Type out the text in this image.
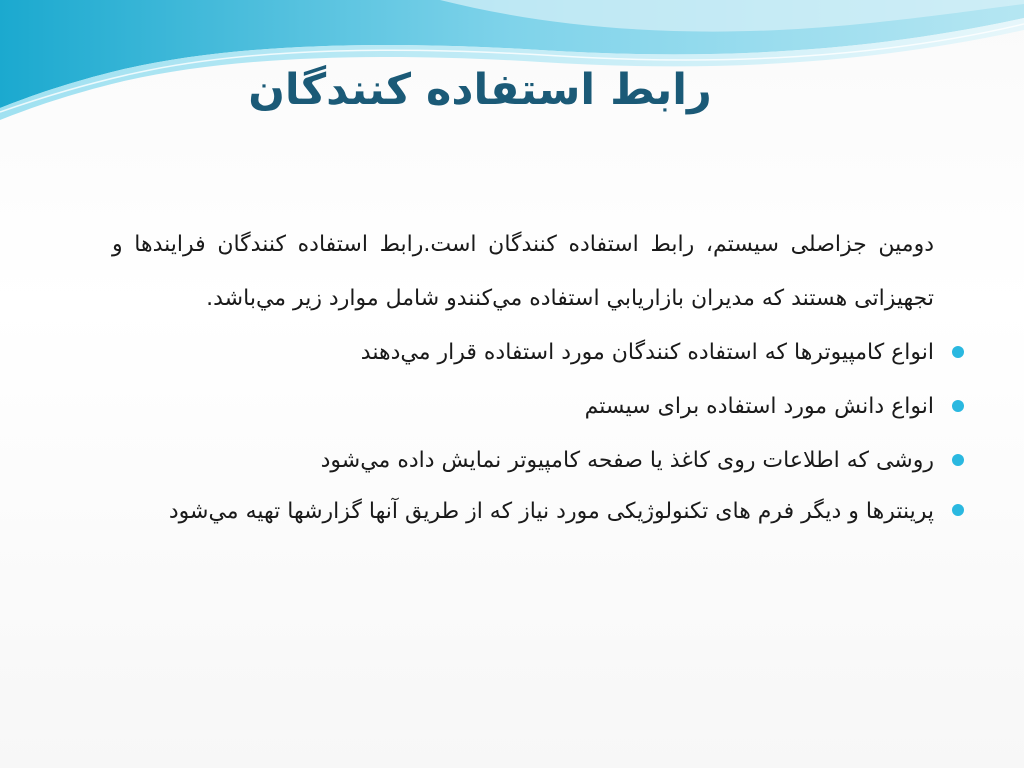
رابط استفاده کنندگان

دومين جزاصلی سيستم، رابط استفاده کنندگان است.رابط استفاده کنندگان فرايندها و تجهيزاتی هستند که مديران بازاريابي استفاده مي‌کنندو شامل موارد زير مي‌باشد.

انواع کامپيوترها که استفاده کنندگان مورد استفاده قرار مي‌دهند
انواع دانش مورد استفاده برای سيستم
روشی که اطلاعات روی کاغذ يا صفحه کامپيوتر نمايش داده مي‌شود
پرينترها و ديگر فرم های تکنولوژيکی مورد نياز که از طريق آنها گزارشها تهيه مي‌شود
